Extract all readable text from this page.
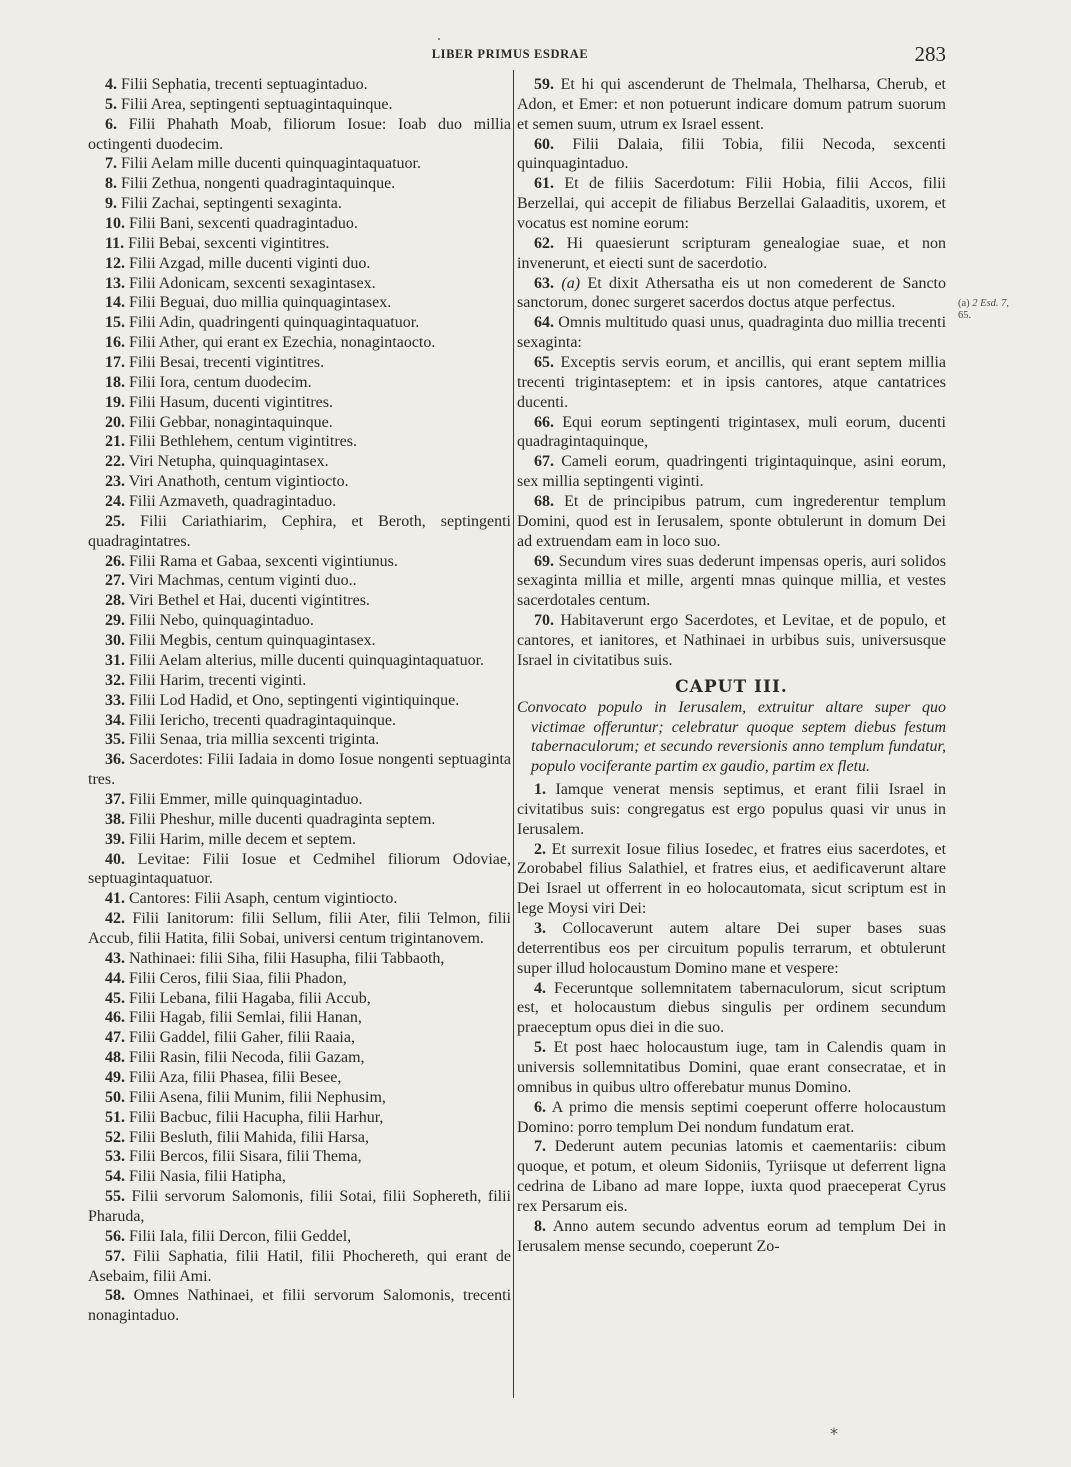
LIBER PRIMUS ESDRAE	283

4. Filii Sephatia, trecenti septuagintaduo.

5. Filii Area, septingenti septuagintaquinque.

6. Filii Phahath Moab, filiorum Iosue: Ioab duo millia octingenti duodecim.

7. Filii Aelam mille ducenti quinquagintaquatuor.

8. Filii Zethua, nongenti quadragintaquinque.

9. Filii Zachai, septingenti sexaginta.

10. Filii Bani, sexcenti quadragintaduo.

11. Filii Bebai, sexcenti vigintitres.

12. Filii Azgad, mille ducenti viginti duo.

13. Filii Adonicam, sexcenti sexagintasex.

14. Filii Beguai, duo millia quinquagintasex.

15. Filii Adin, quadringenti quinquagintaquatuor.

16. Filii Ather, qui erant ex Ezechia, nonagintaocto.

17. Filii Besai, trecenti vigintitres.

18. Filii Iora, centum duodecim.

19. Filii Hasum, ducenti vigintitres.

20. Filii Gebbar, nonagintaquinque.

21. Filii Bethlehem, centum vigintitres.

22. Viri Netupha, quinquagintasex.

23. Viri Anathoth, centum vigintiocto.

24. Filii Azmaveth, quadragintaduo.

25. Filii Cariathiarim, Cephira, et Beroth, septingenti quadragintatres.

26. Filii Rama et Gabaa, sexcenti vigintiunus.

27. Viri Machmas, centum viginti duo..

28. Viri Bethel et Hai, ducenti vigintitres.

29. Filii Nebo, quinquagintaduo.

30. Filii Megbis, centum quinquagintasex.

31. Filii Aelam alterius, mille ducenti quinquagintaquatuor.

32. Filii Harim, trecenti viginti.

33. Filii Lod Hadid, et Ono, septingenti vigintiquinque.

34. Filii Iericho, trecenti quadragintaquinque.

35. Filii Senaa, tria millia sexcenti triginta.

36. Sacerdotes: Filii Iadaia in domo Iosue nongenti septuaginta tres.

37. Filii Emmer, mille quinquagintaduo.

38. Filii Pheshur, mille ducenti quadraginta septem.

39. Filii Harim, mille decem et septem.

40. Levitae: Filii Iosue et Cedmihel filiorum Odoviae, septuagintaquatuor.

41. Cantores: Filii Asaph, centum vigintiocto.

42. Filii Ianitorum: filii Sellum, filii Ater, filii Telmon, filii Accub, filii Hatita, filii Sobai, universi centum trigintanovem.

43. Nathinaei: filii Siha, filii Hasupha, filii Tabbaoth,

44. Filii Ceros, filii Siaa, filii Phadon,

45. Filii Lebana, filii Hagaba, filii Accub,

46. Filii Hagab, filii Semlai, filii Hanan,

47. Filii Gaddel, filii Gaher, filii Raaia,

48. Filii Rasin, filii Necoda, filii Gazam,

49. Filii Aza, filii Phasea, filii Besee,

50. Filii Asena, filii Munim, filii Nephusim,

51. Filii Bacbuc, filii Hacupha, filii Harhur,

52. Filii Besluth, filii Mahida, filii Harsa,

53. Filii Bercos, filii Sisara, filii Thema,

54. Filii Nasia, filii Hatipha,

55. Filii servorum Salomonis, filii Sotai, filii Sophereth, filii Pharuda,

56. Filii Iala, filii Dercon, filii Geddel,

57. Filii Saphatia, filii Hatil, filii Phochereth, qui erant de Asebaim, filii Ami.

58. Omnes Nathinaei, et filii servorum Salomonis, trecenti nonagintaduo.

59. Et hi qui ascenderunt de Thelmala, Thelharsa, Cherub, et Adon, et Emer: et non potuerunt indicare domum patrum suorum et semen suum, utrum ex Israel essent.

60. Filii Dalaia, filii Tobia, filii Necoda, sexcenti quinquagintaduo.

61. Et de filiis Sacerdotum: Filii Hobia, filii Accos, filii Berzellai, qui accepit de filiabus Berzellai Galaaditis, uxorem, et vocatus est nomine eorum:

62. Hi quaesierunt scripturam genealogiae suae, et non invenerunt, et eiecti sunt de sacerdotio.

63. (a) Et dixit Athersatha eis ut non comederent de Sancto sanctorum, donec surgeret sacerdos doctus atque perfectus.

64. Omnis multitudo quasi unus, quadraginta duo millia trecenti sexaginta:

65. Exceptis servis eorum, et ancillis, qui erant septem millia trecenti trigintaseptem: et in ipsis cantores, atque cantatrices ducenti.

66. Equi eorum septingenti trigintasex, muli eorum, ducenti quadragintaquinque,

67. Cameli eorum, quadringenti trigintaquinque, asini eorum, sex millia septingenti viginti.

68. Et de principibus patrum, cum ingrederentur templum Domini, quod est in Ierusalem, sponte obtulerunt in domum Dei ad extruendam eam in loco suo.

69. Secundum vires suas dederunt impensas operis, auri solidos sexaginta millia et mille, argenti mnas quinque millia, et vestes sacerdotales centum.

70. Habitaverunt ergo Sacerdotes, et Levitae, et de populo, et cantores, et ianitores, et Nathinaei in urbibus suis, universusque Israel in civitatibus suis.

CAPUT III.

Convocato populo in Ierusalem, extruitur altare super quo victimae offeruntur; celebratur quoque septem diebus festum tabernaculorum; et secundo reversionis anno templum fundatur, populo vociferante partim ex gaudio, partim ex fletu.

1. Iamque venerat mensis septimus, et erant filii Israel in civitatibus suis: congregatus est ergo populus quasi vir unus in Ierusalem.

2. Et surrexit Iosue filius Iosedec, et fratres eius sacerdotes, et Zorobabel filius Salathiel, et fratres eius, et aedificaverunt altare Dei Israel ut offerrent in eo holocautomata, sicut scriptum est in lege Moysi viri Dei:

3. Collocaverunt autem altare Dei super bases suas deterrentibus eos per circuitum populis terrarum, et obtulerunt super illud holocaustum Domino mane et vespere:

4. Feceruntque sollemnitatem tabernaculorum, sicut scriptum est, et holocaustum diebus singulis per ordinem secundum praeceptum opus diei in die suo.

5. Et post haec holocaustum iuge, tam in Calendis quam in universis sollemnitatibus Domini, quae erant consecratae, et in omnibus in quibus ultro offerebatur munus Domino.

6. A primo die mensis septimi coeperunt offerre holocaustum Domino: porro templum Dei nondum fundatum erat.

7. Dederunt autem pecunias latomis et caementariis: cibum quoque, et potum, et oleum Sidoniis, Tyriisque ut deferrent ligna cedrina de Libano ad mare Ioppe, iuxta quod praeceperat Cyrus rex Persarum eis.

8. Anno autem secundo adventus eorum ad templum Dei in Ierusalem mense secundo, coeperunt Zo-

(a) 2 Esd. 7,
65.
*
